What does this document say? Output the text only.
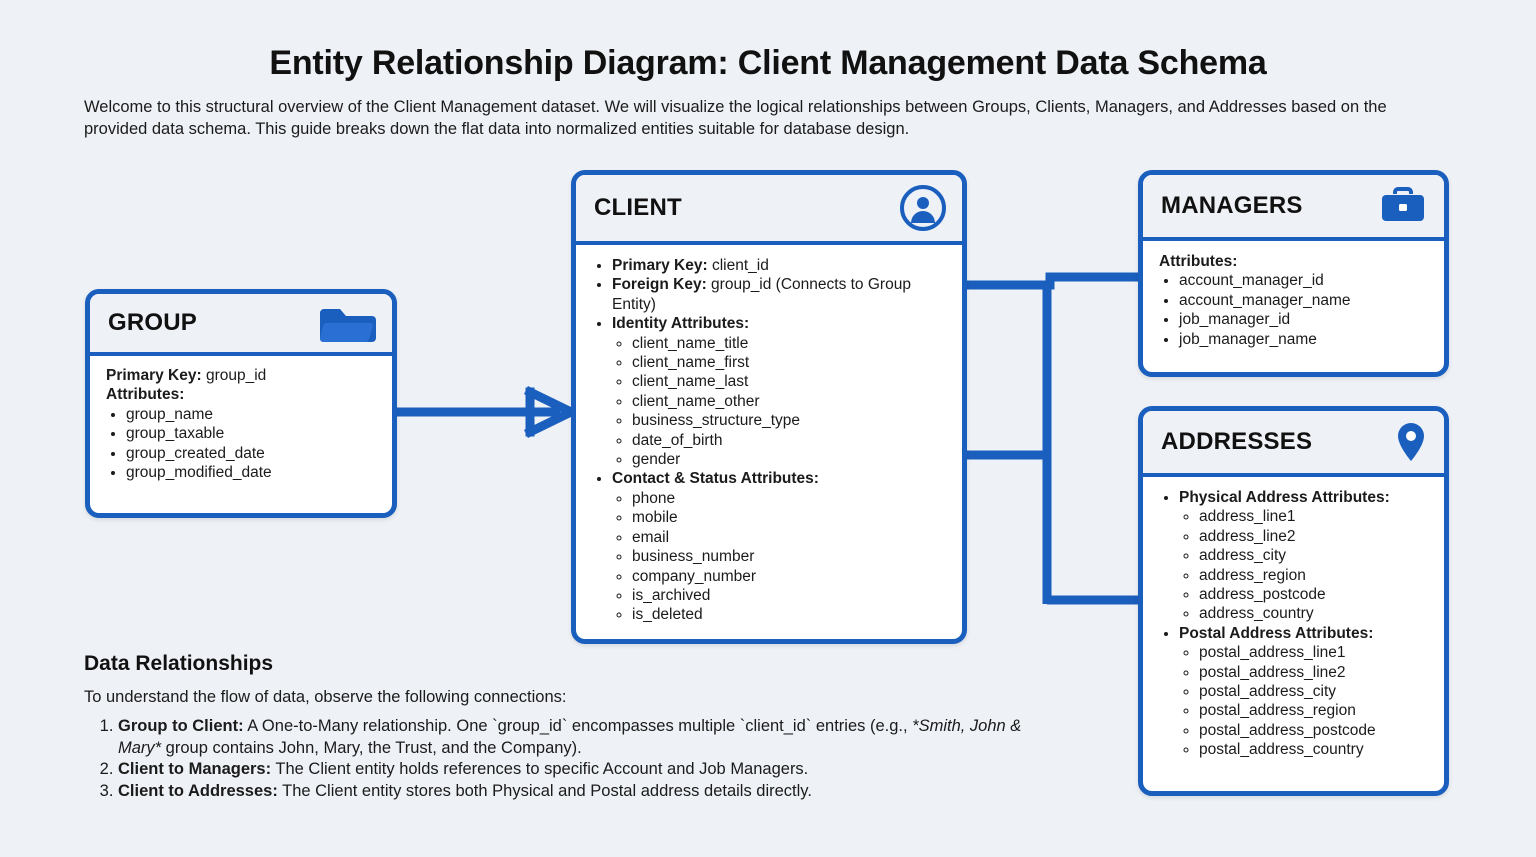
Entity Relationship Diagram: Client Management Data Schema
Welcome to this structural overview of the Client Management dataset. We will visualize the logical relationships between Groups, Clients, Managers, and Addresses based on the provided data schema. This guide breaks down the flat data into normalized entities suitable for database design.
GROUP
Primary Key: group_id
Attributes:
• group_name
• group_taxable
• group_created_date
• group_modified_date
CLIENT
• Primary Key: client_id
• Foreign Key: group_id (Connects to Group Entity)
• Identity Attributes:
◦ client_name_title
◦ client_name_first
◦ client_name_last
◦ client_name_other
◦ business_structure_type
◦ date_of_birth
◦ gender
• Contact & Status Attributes:
◦ phone
◦ mobile
◦ email
◦ business_number
◦ company_number
◦ is_archived
◦ is_deleted
MANAGERS
Attributes:
• account_manager_id
• account_manager_name
• job_manager_id
• job_manager_name
ADDRESSES
• Physical Address Attributes:
◦ address_line1
◦ address_line2
◦ address_city
◦ address_region
◦ address_postcode
◦ address_country
• Postal Address Attributes:
◦ postal_address_line1
◦ postal_address_line2
◦ postal_address_city
◦ postal_address_region
◦ postal_address_postcode
◦ postal_address_country
Data Relationships
To understand the flow of data, observe the following connections:
1. Group to Client: A One-to-Many relationship. One `group_id` encompasses multiple `client_id` entries (e.g., *Smith, John & Mary* group contains John, Mary, the Trust, and the Company).
2. Client to Managers: The Client entity holds references to specific Account and Job Managers.
3. Client to Addresses: The Client entity stores both Physical and Postal address details directly.
